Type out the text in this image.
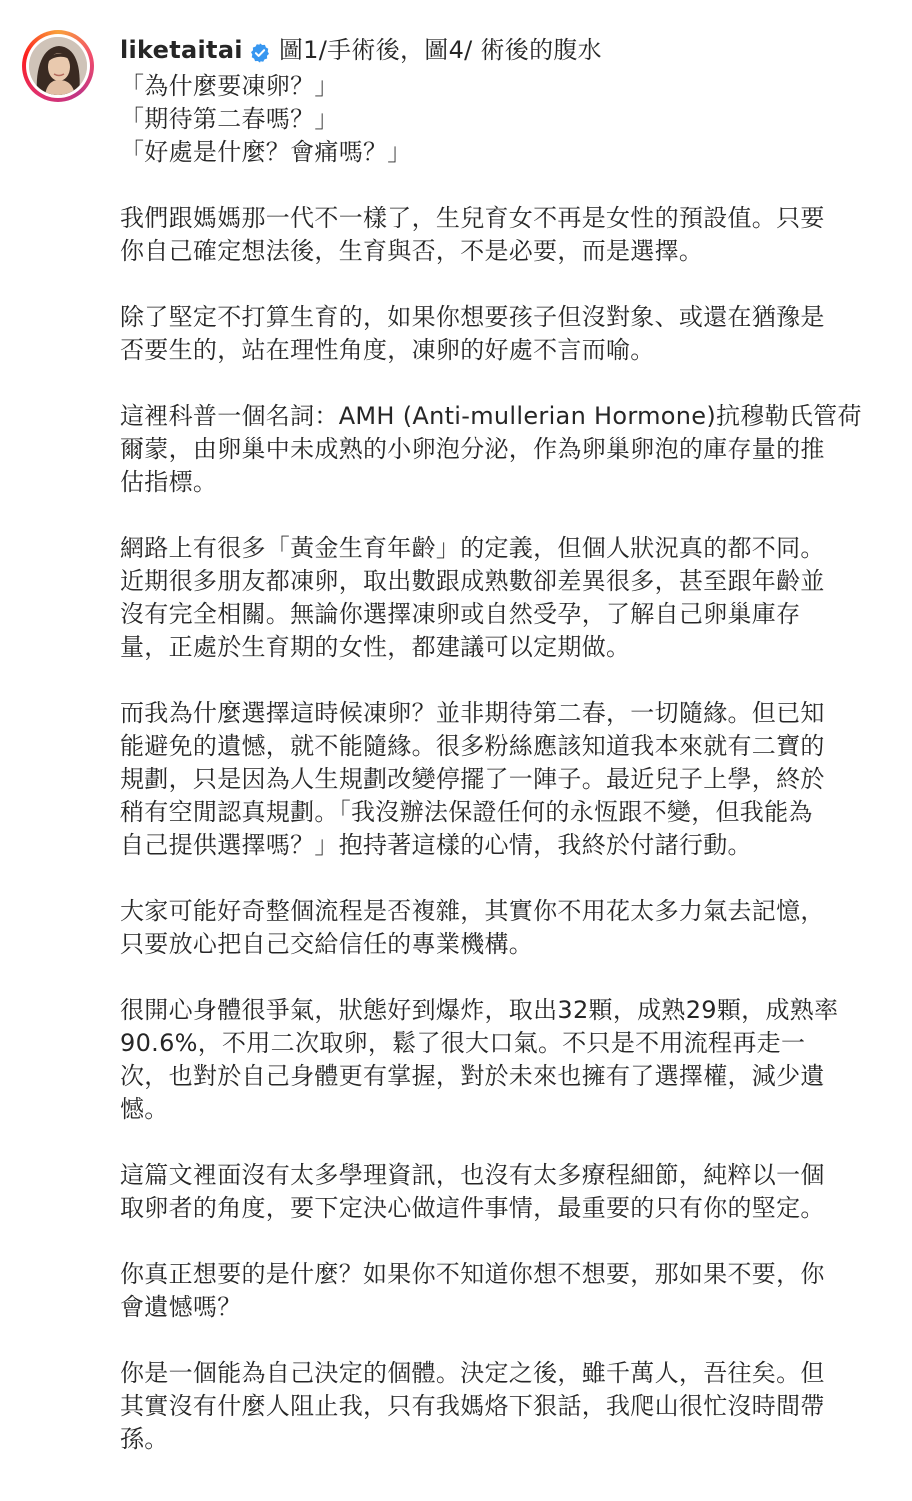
liketaitai 圖1/手術後，圖4/ 術後的腹水
「為什麼要凍卵？」
「期待第二春嗎？」
「好處是什麼？會痛嗎？」
我們跟媽媽那一代不一樣了，生兒育女不再是女性的預設值。只要
你自己確定想法後，生育與否，不是必要，而是選擇。
除了堅定不打算生育的，如果你想要孩子但沒對象、或還在猶豫是
否要生的，站在理性角度，凍卵的好處不言而喻。
這裡科普一個名詞：AMH (Anti-mullerian Hormone)抗穆勒氏管荷
爾蒙，由卵巢中未成熟的小卵泡分泌，作為卵巢卵泡的庫存量的推
估指標。
網路上有很多「黃金生育年齡」的定義，但個人狀況真的都不同。
近期很多朋友都凍卵，取出數跟成熟數卻差異很多，甚至跟年齡並
沒有完全相關。無論你選擇凍卵或自然受孕，了解自己卵巢庫存
量，正處於生育期的女性，都建議可以定期做。
而我為什麼選擇這時候凍卵？並非期待第二春，一切隨緣。但已知
能避免的遺憾，就不能隨緣。很多粉絲應該知道我本來就有二寶的
規劃，只是因為人生規劃改變停擺了一陣子。最近兒子上學，終於
稍有空閒認真規劃。「我沒辦法保證任何的永恆跟不變，但我能為
自己提供選擇嗎？」抱持著這樣的心情，我終於付諸行動。
大家可能好奇整個流程是否複雜，其實你不用花太多力氣去記憶，
只要放心把自己交給信任的專業機構。
很開心身體很爭氣，狀態好到爆炸，取出32顆，成熟29顆，成熟率
90.6%，不用二次取卵，鬆了很大口氣。不只是不用流程再走一
次，也對於自己身體更有掌握，對於未來也擁有了選擇權，減少遺
憾。
這篇文裡面沒有太多學理資訊，也沒有太多療程細節，純粹以一個
取卵者的角度，要下定決心做這件事情，最重要的只有你的堅定。
你真正想要的是什麼？如果你不知道你想不想要，那如果不要，你
會遺憾嗎？
你是一個能為自己決定的個體。決定之後，雖千萬人，吾往矣。但
其實沒有什麼人阻止我，只有我媽烙下狠話，我爬山很忙沒時間帶
孫。
